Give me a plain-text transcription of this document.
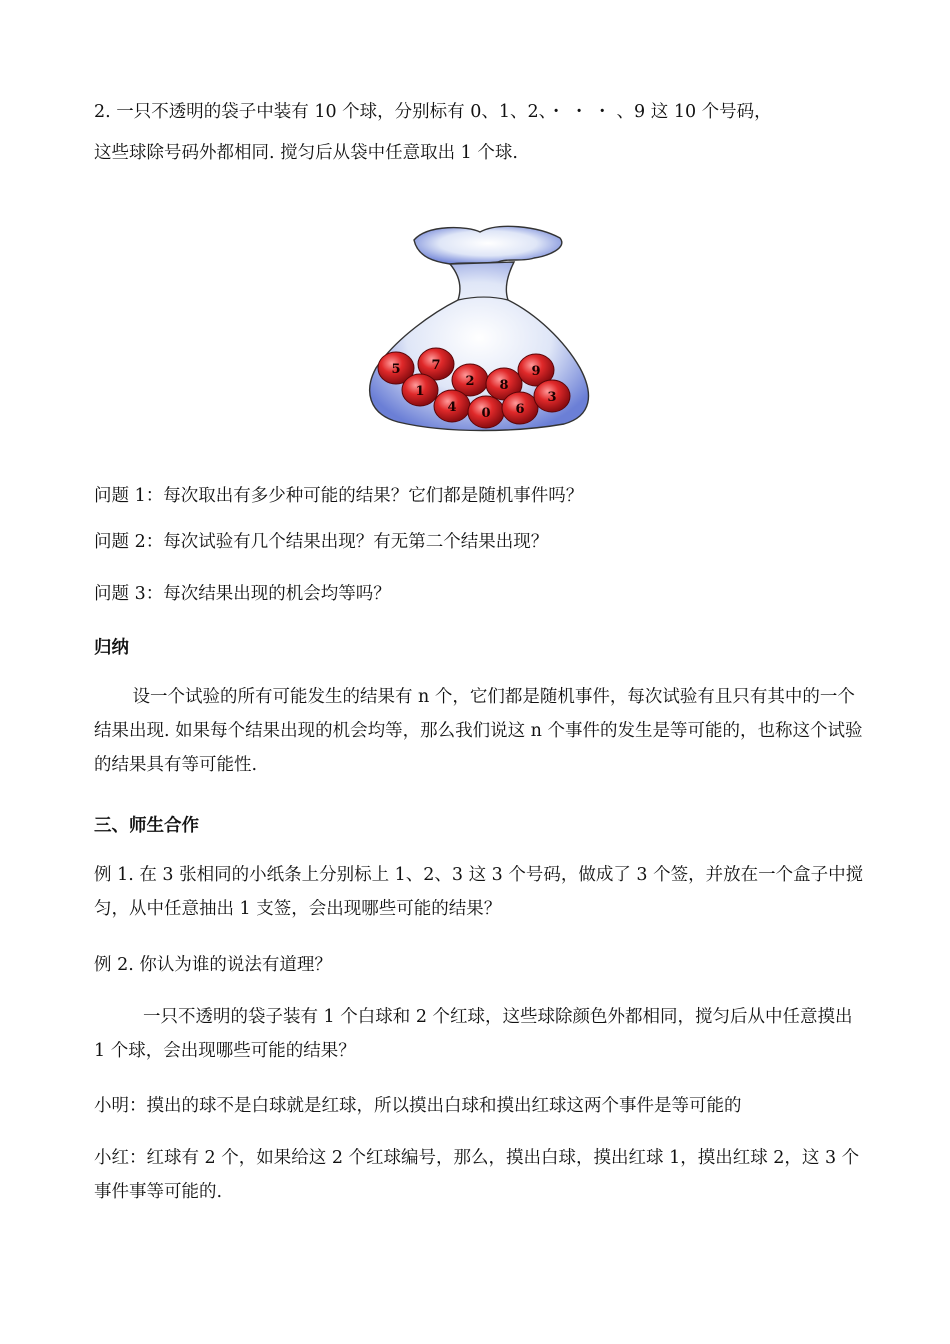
2. 一只不透明的袋子中装有 10 个球，分别标有 0、1、2、・ ・ ・ 、9 这 10 个号码，

这些球除号码外都相同. 搅匀后从袋中任意取出 1 个球.

5 7
1
2 8
9
4 0 6
3

问题 1：每次取出有多少种可能的结果？它们都是随机事件吗？

问题 2：每次试验有几个结果出现？有无第二个结果出现？

问题 3：每次结果出现的机会均等吗？

归纳

设一个试验的所有可能发生的结果有 n 个，它们都是随机事件，每次试验有且只有其中的一个结果出现. 如果每个结果出现的机会均等，那么我们说这 n 个事件的发生是等可能的，也称这个试验的结果具有等可能性.

三、师生合作

例 1. 在 3 张相同的小纸条上分别标上 1、2、3 这 3 个号码，做成了 3 个签，并放在一个盒子中搅匀，从中任意抽出 1 支签，会出现哪些可能的结果？

例 2. 你认为谁的说法有道理？

一只不透明的袋子装有 1 个白球和 2 个红球，这些球除颜色外都相同，搅匀后从中任意摸出 1 个球，会出现哪些可能的结果？

小明：摸出的球不是白球就是红球，所以摸出白球和摸出红球这两个事件是等可能的

小红：红球有 2 个，如果给这 2 个红球编号，那么，摸出白球，摸出红球 1，摸出红球 2，这 3 个事件事等可能的.
